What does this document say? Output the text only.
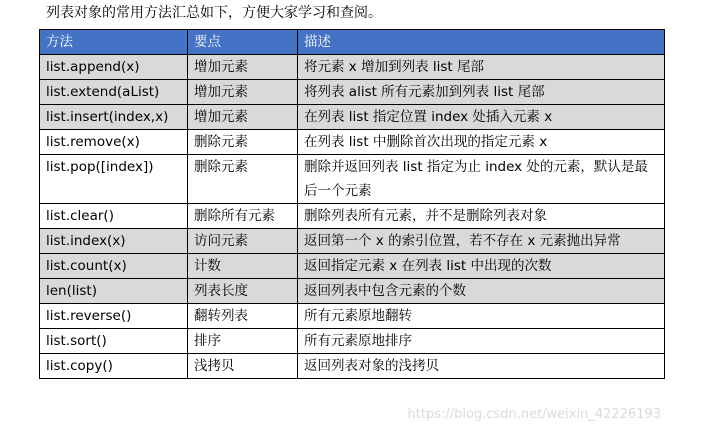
列表对象的常用方法汇总如下，方便大家学习和查阅。
方法	要点	描述
list.append(x)	增加元素	将元素 x 增加到列表 list 尾部
list.extend(aList)	增加元素	将列表 alist 所有元素加到列表 list 尾部
list.insert(index,x)	增加元素	在列表 list 指定位置 index 处插入元素 x
list.remove(x)	删除元素	在列表 list 中删除首次出现的指定元素 x
list.pop([index])	删除元素	删除并返回列表 list 指定为止 index 处的元素，默认是最后一个元素
list.clear()	删除所有元素	删除列表所有元素，并不是删除列表对象
list.index(x)	访问元素	返回第一个 x 的索引位置，若不存在 x 元素抛出异常
list.count(x)	计数	返回指定元素 x 在列表 list 中出现的次数
len(list)	列表长度	返回列表中包含元素的个数
list.reverse()	翻转列表	所有元素原地翻转
list.sort()	排序	所有元素原地排序
list.copy()	浅拷贝	返回列表对象的浅拷贝
https://blog.csdn.net/weixin_42226193
